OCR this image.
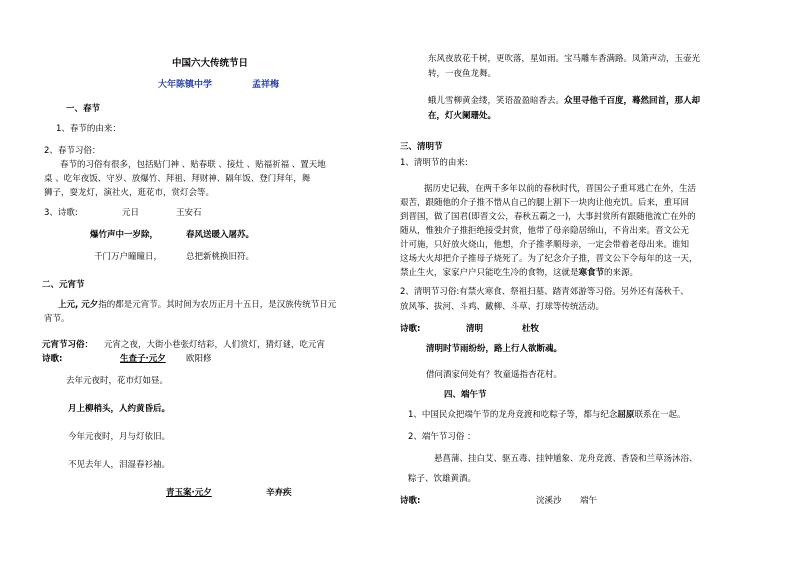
中国六大传统节日
大年陈镇中学	孟祥梅
一、春节
1、春节的由来：
2、春节习俗：
春节的习俗有很多，包括贴门神 、贴春联 、接灶 、贴福祈福 、置天地
桌 、吃年夜饭、守岁、放爆竹、拜祖、拜财神、隔年饭、登门拜年，舞
狮子，耍龙灯，演社火，逛花市，赏灯会等。
3、诗歌:	元日	王安石
爆竹声中一岁除，	春风送暖入屠苏。
千门万户曈曈日，	总把新桃换旧符。
二、元宵节
上元, 元夕指的都是元宵节。其时间为农历正月十五日，是汉族传统节日元
宵节。
元宵节习俗： 元宵之夜，大街小巷张灯结彩，人们赏灯，猜灯谜，吃元宵
诗歌:	生查子·元夕 欧阳修
去年元夜时，花市灯如昼。
月上柳梢头，人约黄昏后。
今年元夜时，月与灯依旧。
不见去年人，泪湿春衫袖。
青玉案·元夕	辛弃疾
东风夜放花千树，更吹落，星如雨。宝马雕车香满路。凤箫声动，玉壶光
转，一夜鱼龙舞。
蛾儿雪柳黄金缕，笑语盈盈暗香去。众里寻他千百度，蓦然回首，那人却
在，灯火阑珊处。
三、清明节
1、清明节的由来:
据历史记载，在两千多年以前的春秋时代，晋国公子重耳逃亡在外，生活
艰苦，跟随他的介子推不惜从自己的腿上割下一块肉让他充饥。后来，重耳回
到晋国，做了国君(即晋文公，春秋五霸之一)，大事封赏所有跟随他流亡在外的
随从，惟独介子推拒绝接受封赏，他带了母亲隐居绵山，不肯出来。晋文公无
计可施，只好放火烧山，他想，介子推孝顺母亲，一定会带着老母出来。谁知
这场大火却把介子推母子烧死了。为了纪念介子推，晋文公下令每年的这一天，
禁止生火，家家户户只能吃生冷的食物，这就是寒食节的来源。
2、清明节习俗:有禁火寒食、祭祖扫墓、踏青郊游等习俗。另外还有荡秋千、
放风筝、拔河、斗鸡、戴柳、斗草、打球等传统活动。
诗歌:	清明	杜牧
清明时节雨纷纷，路上行人欲断魂。
借问酒家何处有？牧童遥指杏花村。
四、端午节
1、中国民众把端午节的龙舟竞渡和吃粽子等，都与纪念屈原联系在一起。
2、端午节习俗 ：
悬菖蒲、挂白艾、驱五毒、挂钟馗象、龙舟竞渡、香袋和兰草汤沐浴、
粽子、饮雄黄酒。
诗歌:	浣溪沙 端午
